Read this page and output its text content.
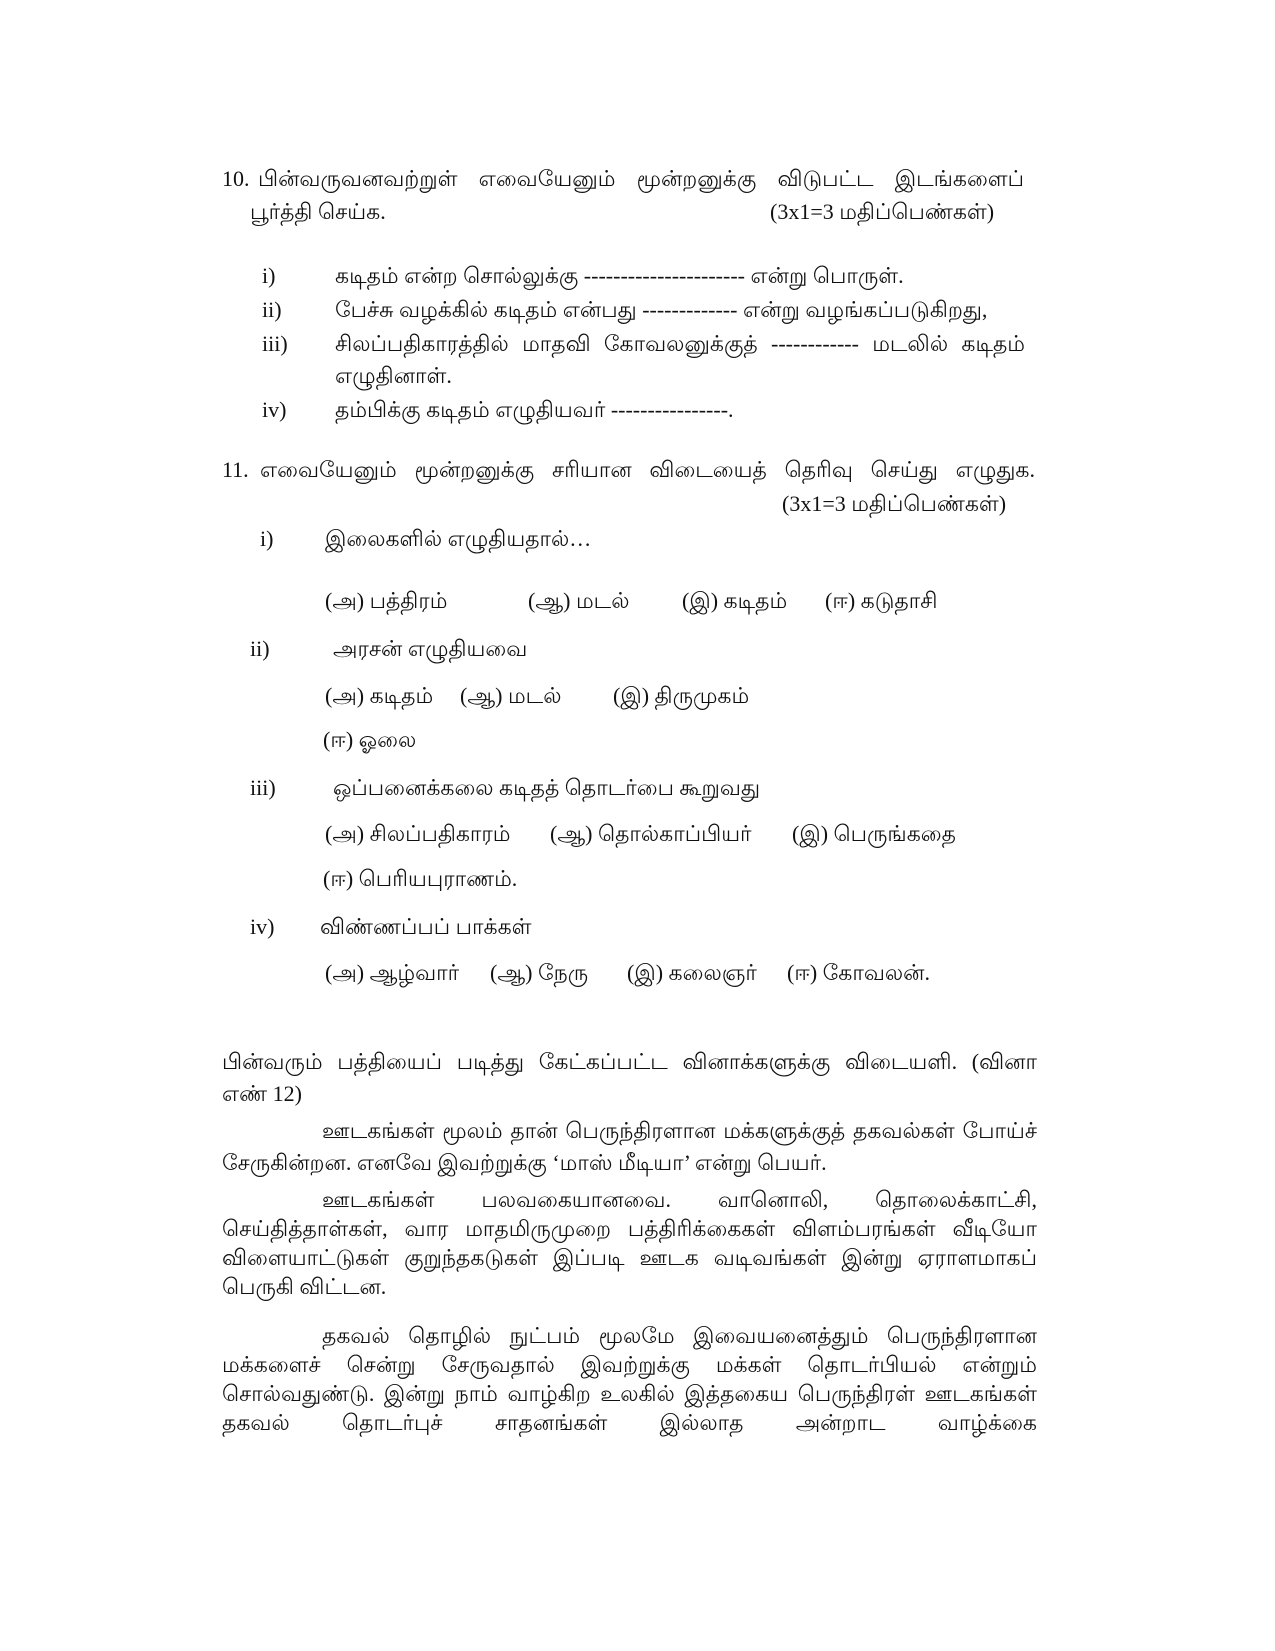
10. பின்வருவனவற்றுள் எவையேனும் மூன்றனுக்கு விடுபட்ட இடங்களைப்
பூர்த்தி செய்க.	(3x1=3 மதிப்பெண்கள்)
i)	கடிதம் என்ற சொல்லுக்கு ---------------------- என்று பொருள்.
ii) பேச்சு வழக்கில் கடிதம் என்பது ------------- என்று வழங்கப்படுகிறது,
iii) சிலப்பதிகாரத்தில் மாதவி கோவலனுக்குத் ------------ மடலில் கடிதம்
எழுதினாள்.
iv) தம்பிக்கு கடிதம் எழுதியவர் ----------------.
11. எவையேனும் மூன்றனுக்கு சரியான விடையைத் தெரிவு செய்து எழுதுக.
(3x1=3 மதிப்பெண்கள்)
i) இலைகளில் எழுதியதால்…
(அ) பத்திரம்	(ஆ) மடல் (இ) கடிதம் (ஈ) கடுதாசி
ii)	அரசன் எழுதியவை
(அ) கடிதம் (ஆ) மடல் (இ) திருமுகம்
(ஈ) ஓலை
iii)	ஒப்பனைக்கலை கடிதத் தொடர்பை கூறுவது
(அ) சிலப்பதிகாரம் (ஆ) தொல்காப்பியர் (இ) பெருங்கதை
(ஈ) பெரியபுராணம்.
iv) விண்ணப்பப் பாக்கள்
(அ) ஆழ்வார் (ஆ) நேரு (இ) கலைஞர் (ஈ) கோவலன்.
பின்வரும் பத்தியைப் படித்து கேட்கப்பட்ட வினாக்களுக்கு விடையளி. (வினா
எண் 12)
ஊடகங்கள் மூலம் தான் பெருந்திரளான மக்களுக்குத் தகவல்கள் போய்ச் சேருகின்றன. எனவே இவற்றுக்கு ‘மாஸ் மீடியா’ என்று பெயர்.
ஊடகங்கள் பலவகையானவை. வானொலி, தொலைக்காட்சி, செய்தித்தாள்கள், வார மாதமிருமுறை பத்திரிக்கைகள் விளம்பரங்கள் வீடியோ விளையாட்டுகள் குறுந்தகடுகள் இப்படி ஊடக வடிவங்கள் இன்று ஏராளமாகப் பெருகி விட்டன.
தகவல் தொழில் நுட்பம் மூலமே இவையனைத்தும் பெருந்திரளான மக்களைச் சென்று சேருவதால் இவற்றுக்கு மக்கள் தொடர்பியல் என்றும் சொல்வதுண்டு. இன்று நாம் வாழ்கிற உலகில் இத்தகைய பெருந்திரள் ஊடகங்கள் தகவல் தொடர்புச் சாதனங்கள் இல்லாத அன்றாட வாழ்க்கை
